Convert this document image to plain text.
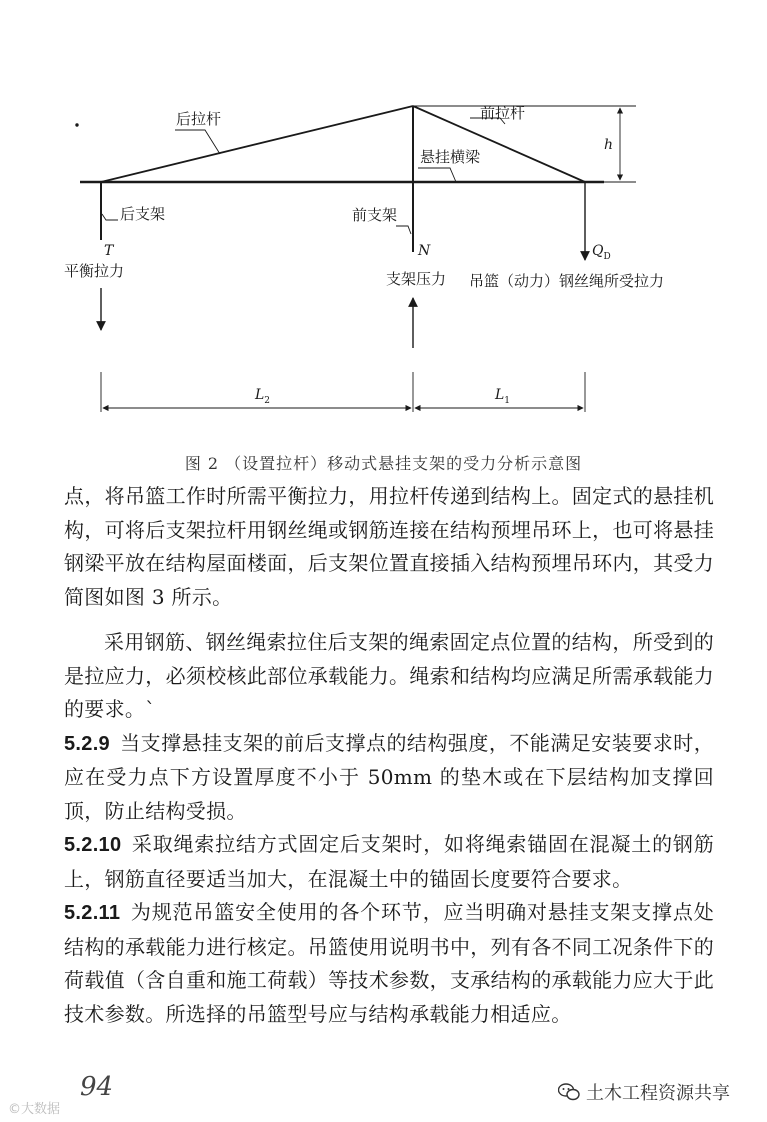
后拉杆	前拉杆
悬挂横梁
后支架	前支架
T	N	$Q_D$
平衡拉力	支架压力 吊篮（动力）钢丝绳所受拉力
h
$L_2$	$L_1$
图 2 （设置拉杆）移动式悬挂支架的受力分析示意图

点，将吊篮工作时所需平衡拉力，用拉杆传递到结构上。固定式的悬挂机构，可将后支架拉杆用钢丝绳或钢筋连接在结构预埋吊环上，也可将悬挂钢梁平放在结构屋面楼面，后支架位置直接插入结构预埋吊环内，其受力简图如图 3 所示。

采用钢筋、钢丝绳索拉住后支架的绳索固定点位置的结构，所受到的是拉应力，必须校核此部位承载能力。绳索和结构均应满足所需承载能力的要求。`

5.2.9 当支撑悬挂支架的前后支撑点的结构强度，不能满足安装要求时，应在受力点下方设置厚度不小于 50mm 的垫木或在下层结构加支撑回顶，防止结构受损。

5.2.10 采取绳索拉结方式固定后支架时，如将绳索锚固在混凝土的钢筋上，钢筋直径要适当加大，在混凝土中的锚固长度要符合要求。

5.2.11 为规范吊篮安全使用的各个环节，应当明确对悬挂支架支撑点处结构的承载能力进行核定。吊篮使用说明书中，列有各不同工况条件下的荷载值（含自重和施工荷载）等技术参数，支承结构的承载能力应大于此技术参数。所选择的吊篮型号应与结构承载能力相适应。

94
©大数据
土木工程资源共享
